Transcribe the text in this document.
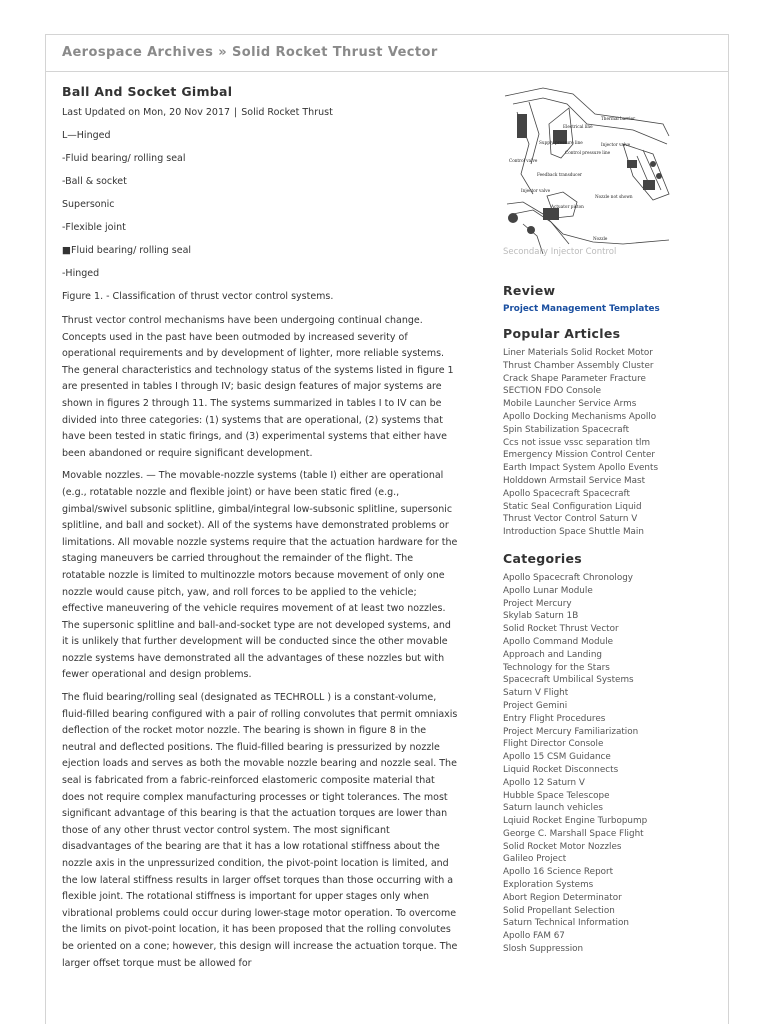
Aerospace Archives » Solid Rocket Thrust Vector
Ball And Socket Gimbal
Last Updated on Mon, 20 Nov 2017 | Solid Rocket Thrust
L—Hinged
-Fluid bearing/ rolling seal
-Ball & socket
Supersonic
-Flexible joint
■Fluid bearing/ rolling seal
-Hinged
Figure 1. - Classification of thrust vector control systems.

Thrust vector control mechanisms have been undergoing continual change. Concepts used in the past have been outmoded by increased severity of operational requirements and by development of lighter, more reliable systems. The general characteristics and technology status of the systems listed in figure 1 are presented in tables I through IV; basic design features of major systems are shown in figures 2 through 11. The systems summarized in tables I to IV can be divided into three categories: (1) systems that are operational, (2) systems that have been tested in static firings, and (3) experimental systems that either have been abandoned or require significant development.

Movable nozzles. — The movable-nozzle systems (table I) either are operational (e.g., rotatable nozzle and flexible joint) or have been static fired (e.g., gimbal/swivel subsonic splitline, gimbal/integral low-subsonic splitline, supersonic splitline, and ball and socket). All of the systems have demonstrated problems or limitations. All movable nozzle systems require that the actuation hardware for the staging maneuvers be carried throughout the remainder of the flight. The rotatable nozzle is limited to multinozzle motors because movement of only one nozzle would cause pitch, yaw, and roll forces to be applied to the vehicle; effective maneuvering of the vehicle requires movement of at least two nozzles. The supersonic splitline and ball-and-socket type are not developed systems, and it is unlikely that further development will be conducted since the other movable nozzle systems have demonstrated all the advantages of these nozzles but with fewer operational and design problems.

The fluid bearing/rolling seal (designated as TECHROLL ) is a constant-volume, fluid-filled bearing configured with a pair of rolling convolutes that permit omniaxis deflection of the rocket motor nozzle. The bearing is shown in figure 8 in the neutral and deflected positions. The fluid-filled bearing is pressurized by nozzle ejection loads and serves as both the movable nozzle bearing and nozzle seal. The seal is fabricated from a fabric-reinforced elastomeric composite material that does not require complex manufacturing processes or tight tolerances. The most significant advantage of this bearing is that the actuation torques are lower than those of any other thrust vector control system. The most significant disadvantages of the bearing are that it has a low rotational stiffness about the nozzle axis in the unpressurized condition, the pivot-point location is limited, and the low lateral stiffness results in larger offset torques than those occurring with a flexible joint. The rotational stiffness is important for upper stages only when vibrational problems could occur during lower-stage motor operation. To overcome the limits on pivot-point location, it has been proposed that the rolling convolutes be oriented on a cone; however, this design will increase the actuation torque. The larger offset torque must be allowed for

Thermal barrier
Electrical line
Supply pressure line
Control pressure line
Control valve
Injector valve
Feedback transducer
Injector valve
Actuator piston
Nozzle
Nozzle not shown
Secondary Injector Control
Review
Project Management Templates
Popular Articles
Liner Materials Solid Rocket Motor
Thrust Chamber Assembly Cluster
Crack Shape Parameter Fracture
SECTION FDO Console
Mobile Launcher Service Arms
Apollo Docking Mechanisms Apollo
Spin Stabilization Spacecraft
Ccs not issue vssc separation tlm
Emergency Mission Control Center
Earth Impact System Apollo Events
Holddown Armstail Service Mast
Apollo Spacecraft Spacecraft
Static Seal Configuration Liquid
Thrust Vector Control Saturn V
Introduction Space Shuttle Main
Categories
Apollo Spacecraft Chronology
Apollo Lunar Module
Project Mercury
Skylab Saturn 1B
Solid Rocket Thrust Vector
Apollo Command Module
Approach and Landing
Technology for the Stars
Spacecraft Umbilical Systems
Saturn V Flight
Project Gemini
Entry Flight Procedures
Project Mercury Familiarization
Flight Director Console
Apollo 15 CSM Guidance
Liquid Rocket Disconnects
Apollo 12 Saturn V
Hubble Space Telescope
Saturn launch vehicles
Lqiuid Rocket Engine Turbopump
George C. Marshall Space Flight
Solid Rocket Motor Nozzles
Galileo Project
Apollo 16 Science Report
Exploration Systems
Abort Region Determinator
Solid Propellant Selection
Saturn Technical Information
Apollo FAM 67
Slosh Suppression
